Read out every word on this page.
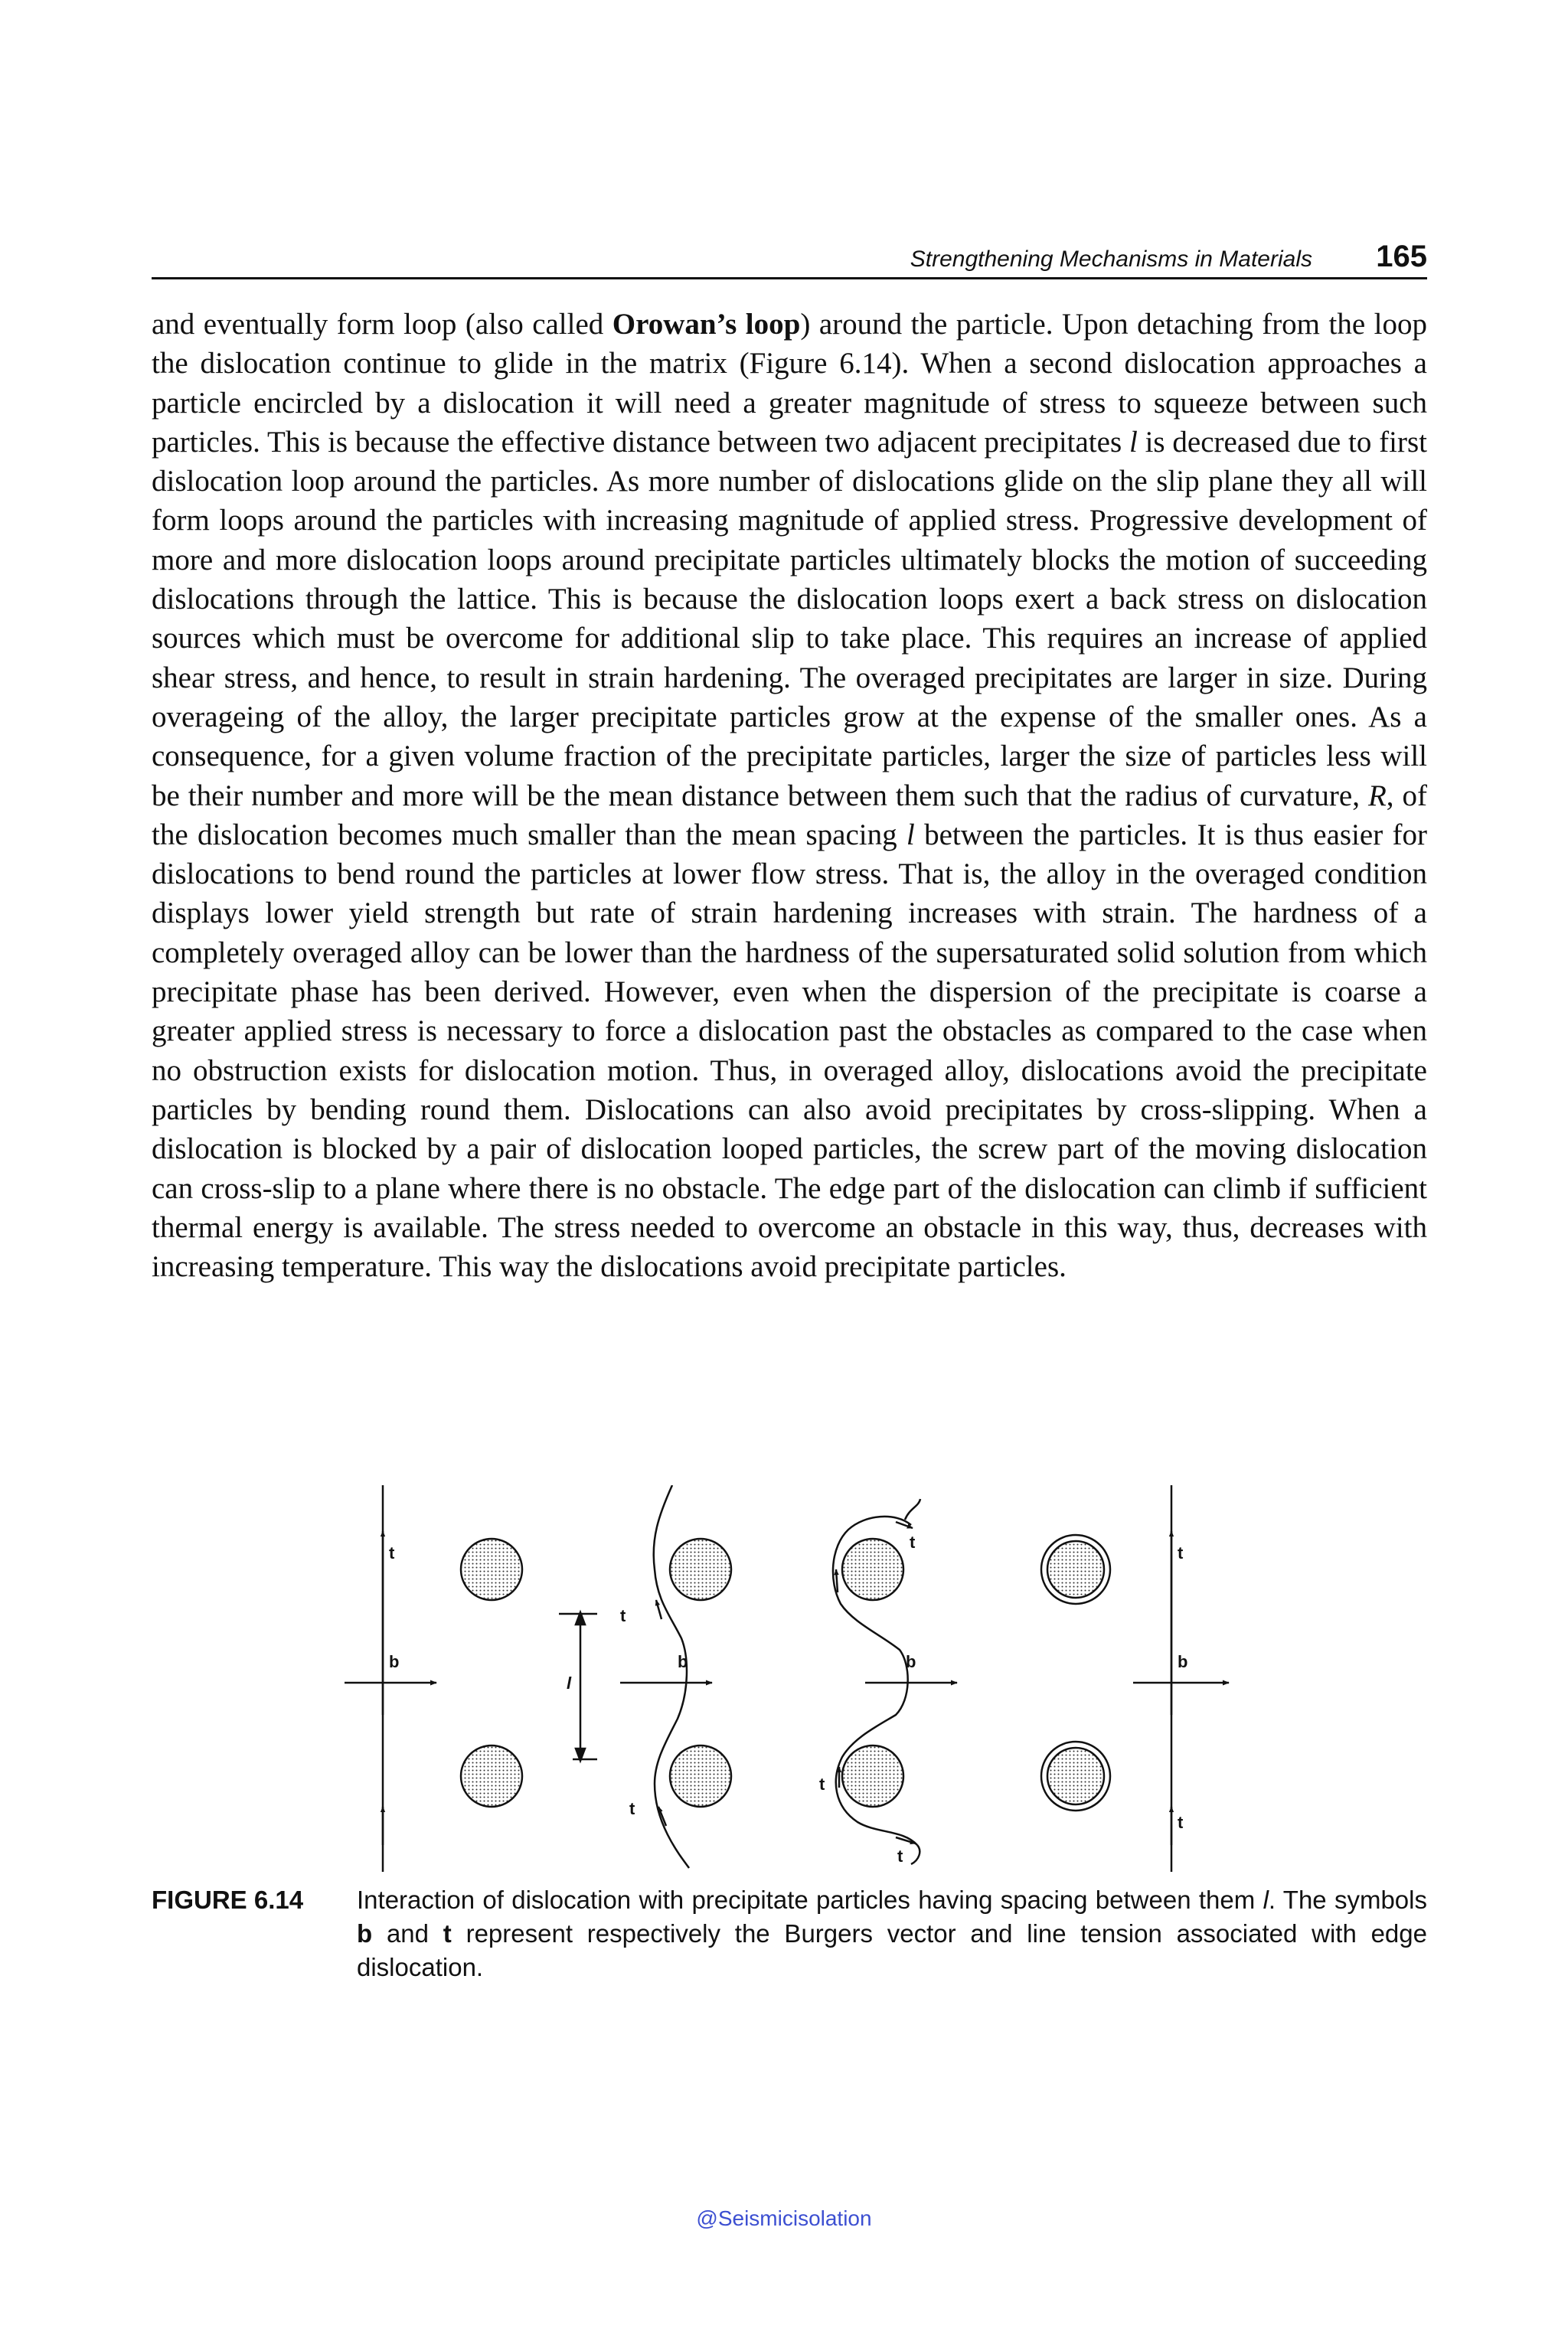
Strengthening Mechanisms in Materials 165

and eventually form loop (also called Orowan’s loop) around the particle. Upon detaching from the loop the dislocation continue to glide in the matrix (Figure 6.14). When a second dislocation approaches a particle encircled by a dislocation it will need a greater magnitude of stress to squeeze between such particles. This is because the effective distance between two adjacent precipitates l is decreased due to first dislocation loop around the particles. As more number of dislocations glide on the slip plane they all will form loops around the particles with increasing magnitude of applied stress. Progressive development of more and more dislocation loops around precipitate particles ultimately blocks the motion of succeeding dislocations through the lattice. This is because the dislocation loops exert a back stress on dislocation sources which must be overcome for additional slip to take place. This requires an increase of applied shear stress, and hence, to result in strain hardening. The overaged precipitates are larger in size. During overageing of the alloy, the larger precipitate particles grow at the expense of the smaller ones. As a consequence, for a given volume fraction of the precipitate particles, larger the size of particles less will be their number and more will be the mean distance between them such that the radius of curvature, R, of the dislocation becomes much smaller than the mean spacing l between the particles. It is thus easier for dislocations to bend round the particles at lower flow stress. That is, the alloy in the overaged condition displays lower yield strength but rate of strain hardening increases with strain. The hardness of a completely overaged alloy can be lower than the hardness of the supersaturated solid solution from which precipitate phase has been derived. However, even when the dispersion of the precipitate is coarse a greater applied stress is necessary to force a dislocation past the obstacles as compared to the case when no obstruction exists for dislocation motion. Thus, in overaged alloy, dislocations avoid the precipitate particles by bending round them. Dislocations can also avoid precipitates by cross-slipping. When a dislocation is blocked by a pair of dislocation looped particles, the screw part of the moving dislocation can cross-slip to a plane where there is no obstacle. The edge part of the dislocation can climb if sufficient thermal energy is available. The stress needed to overcome an obstacle in this way, thus, decreases with increasing temperature. This way the dislocations avoid precipitate particles.

t
b
l
t
b
t
t
b
t
t
t
b
t
FIGURE 6.14 Interaction of dislocation with precipitate particles having spacing between them l. The symbols b and t represent respectively the Burgers vector and line tension associated with edge dislocation.
@Seismicisolation
